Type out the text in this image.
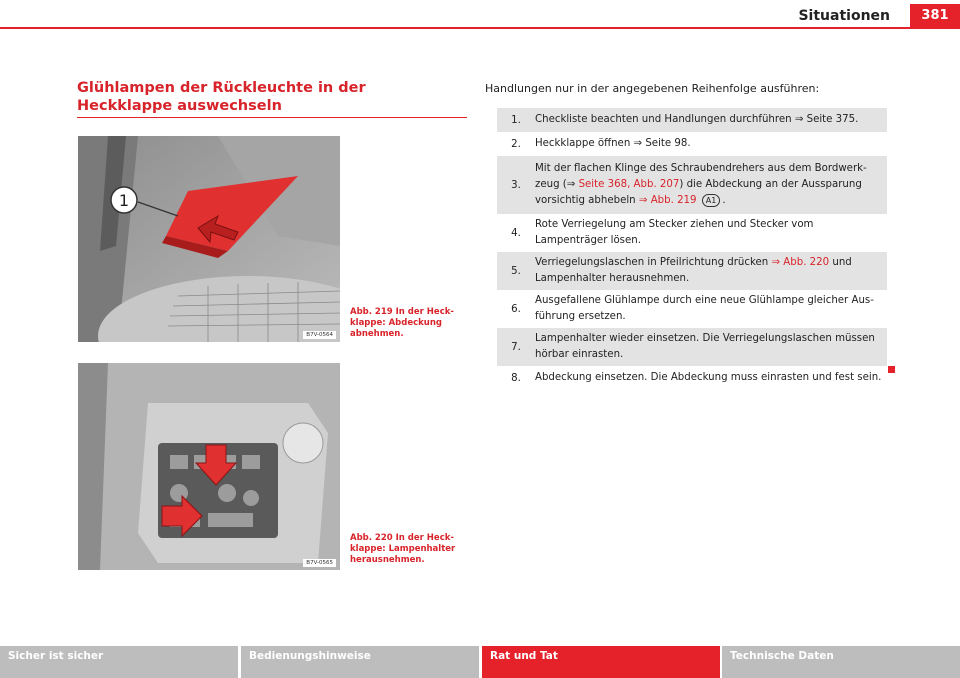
Situationen	381
Glühlampen der Rückleuchte in der Heckklappe auswechseln
1
B7V-0564
Abb. 219 In der Heck-klappe: Abdeckung abnehmen.
B7V-0565
Abb. 220 In der Heck-klappe: Lampenhalter herausnehmen.
Handlungen nur in der angegebenen Reihenfolge ausführen:
1.	Checkliste beachten und Handlungen durchführen ⇒ Seite 375.
2.	Heckklappe öffnen ⇒ Seite 98.
3.	Mit der flachen Klinge des Schraubendrehers aus dem Bordwerk-zeug (⇒ Seite 368, Abb. 207) die Abdeckung an der Aussparung vorsichtig abhebeln ⇒ Abb. 219 A1 .
4.	Rote Verriegelung am Stecker ziehen und Stecker vom Lampenträger lösen.
5.	Verriegelungslaschen in Pfeilrichtung drücken ⇒ Abb. 220 und Lampenhalter herausnehmen.
6.	Ausgefallene Glühlampe durch eine neue Glühlampe gleicher Aus-führung ersetzen.
7.	Lampenhalter wieder einsetzen. Die Verriegelungslaschen müssen hörbar einrasten.
8.	Abdeckung einsetzen. Die Abdeckung muss einrasten und fest sein.
Sicher ist sicher	Bedienungshinweise	Rat und Tat	Technische Daten
